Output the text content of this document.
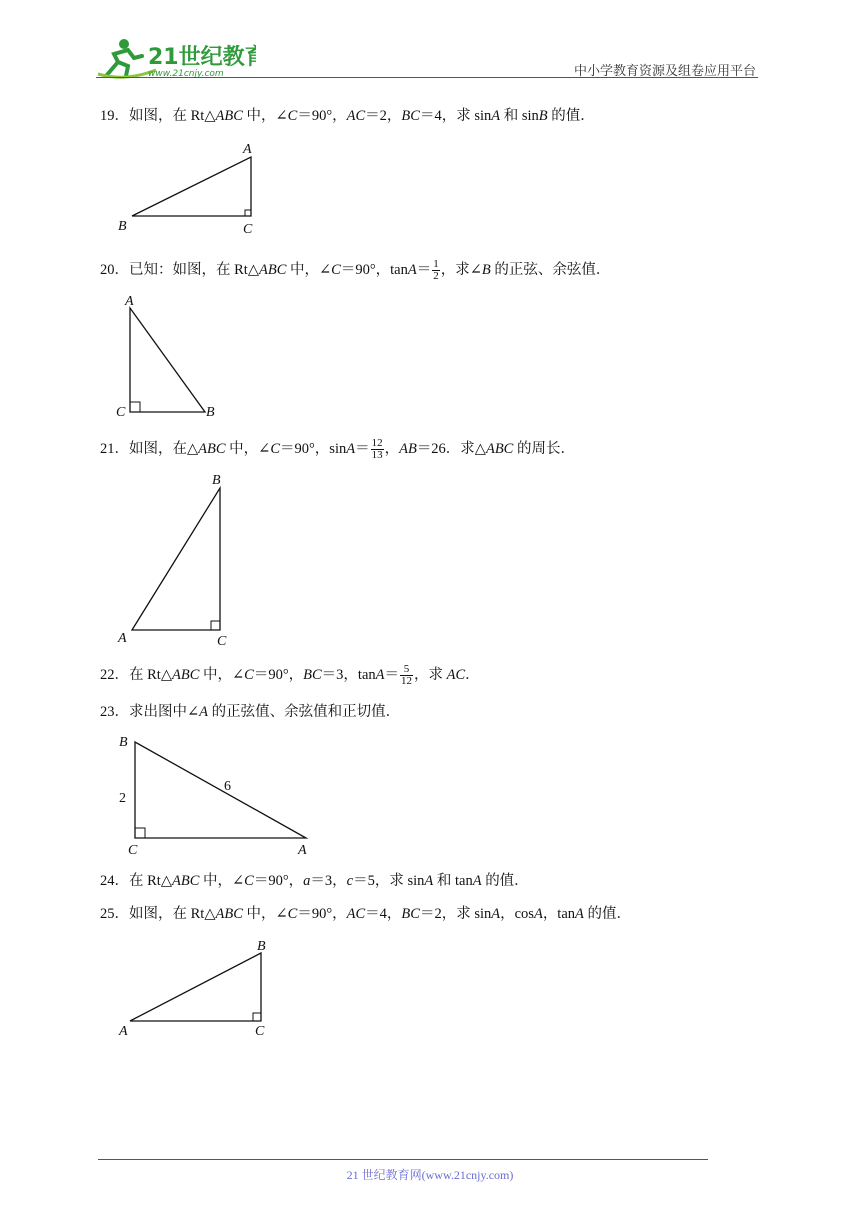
21世纪教育
www.21cnjy.com	中小学教育资源及组卷应用平台
19．如图，在 Rt△ABC 中，∠C＝90°，AC＝2，BC＝4，求 sinA 和 sinB 的值．
A
B	C
20．已知：如图，在 Rt△ABC 中，∠C＝90°，$\tan A= \frac{1}{2}$ ，求∠B 的正弦、余弦值．
A
B
C
21．如图，在△ABC 中，∠C＝90°，$\sin A= \frac{12}{13}$ ，AB＝26．求△ABC 的周长．
B
A	C
22．在 Rt△ABC 中，∠C＝90°，BC＝3，$\tan A= \frac{5}{12}$ ，求 AC．
23．求出图中∠A 的正弦值、余弦值和正切值．
B
C	A
2
6
24．在 Rt△ABC 中，∠C＝90°，a＝3，c＝5，求 sinA 和 tanA 的值．
25．如图，在 Rt△ABC 中，∠C＝90°，AC＝4，BC＝2，求 sinA，cosA，tanA 的值．
B
A	C
21 世纪教育网(www.21cnjy.com)
